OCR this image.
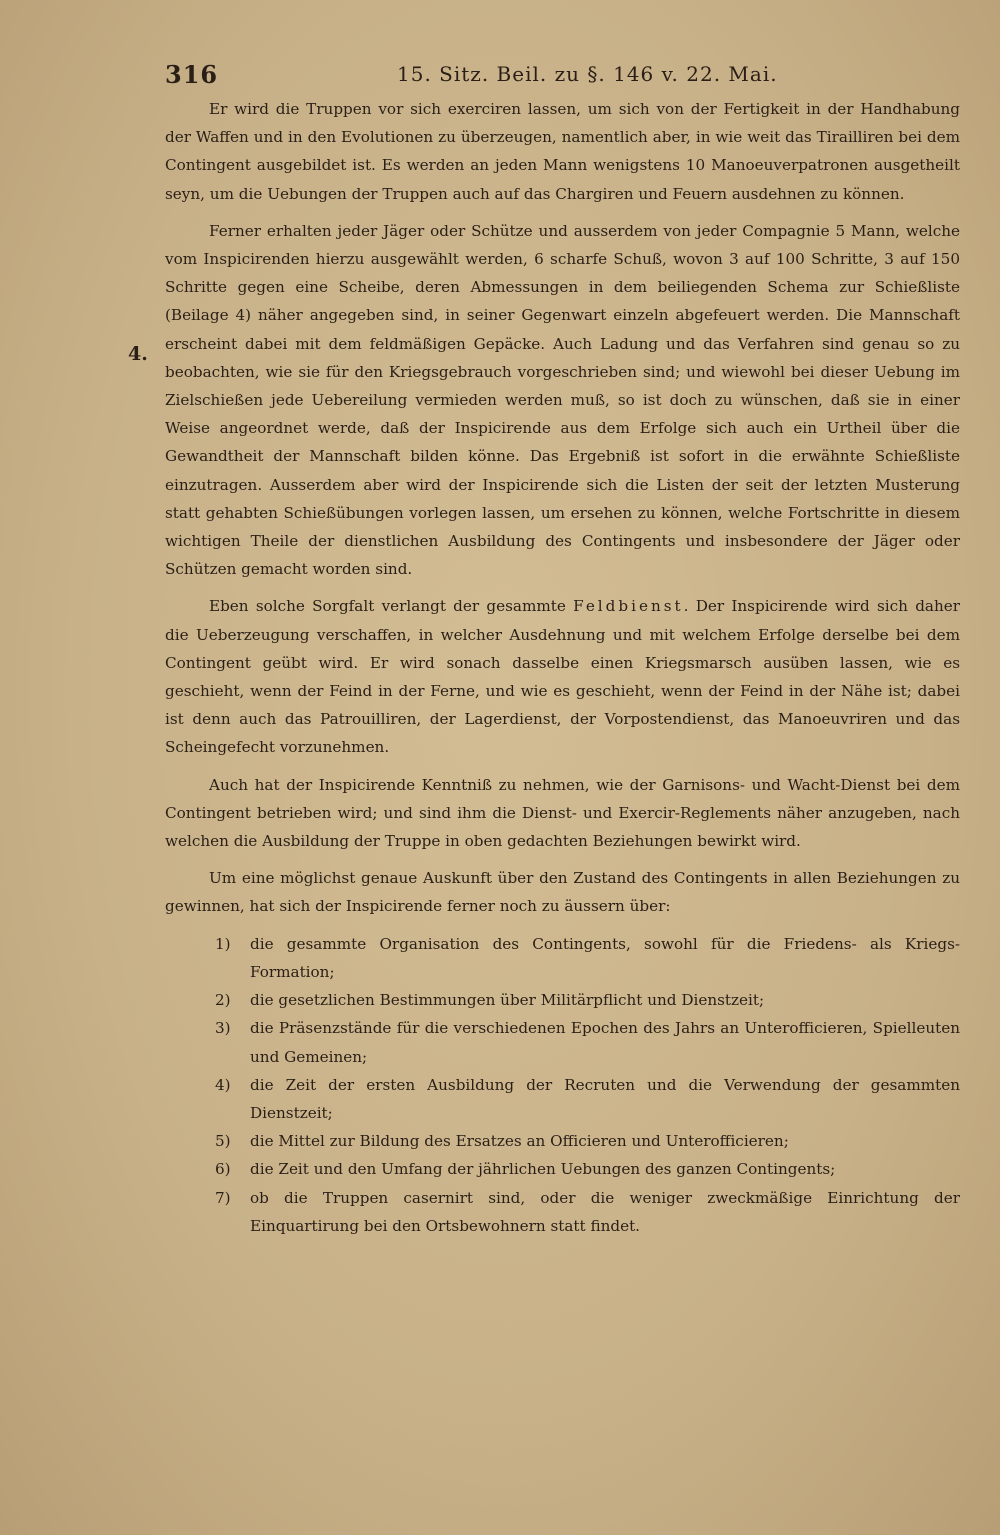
316	15. Sitz. Beil. zu §. 146 v. 22. Mai.
4.

Er wird die Truppen vor sich exerciren lassen, um sich von der Fertigkeit in der Handhabung der Waffen und in den Evolutionen zu überzeugen, namentlich aber, in wie weit das Tirailliren bei dem Contingent ausgebildet ist. Es werden an jeden Mann wenigstens 10 Manoeuverpatronen ausgetheilt seyn, um die Uebungen der Truppen auch auf das Chargiren und Feuern ausdehnen zu können.

Ferner erhalten jeder Jäger oder Schütze und ausserdem von jeder Compagnie 5 Mann, welche vom Inspicirenden hierzu ausgewählt werden, 6 scharfe Schuß, wovon 3 auf 100 Schritte, 3 auf 150 Schritte gegen eine Scheibe, deren Abmessungen in dem beiliegenden Schema zur Schießliste (Beilage 4) näher angegeben sind, in seiner Gegenwart einzeln abgefeuert werden. Die Mannschaft erscheint dabei mit dem feldmäßigen Gepäcke. Auch Ladung und das Verfahren sind genau so zu beobachten, wie sie für den Kriegsgebrauch vorgeschrieben sind; und wiewohl bei dieser Uebung im Zielschießen jede Uebereilung vermieden werden muß, so ist doch zu wünschen, daß sie in einer Weise angeordnet werde, daß der Inspicirende aus dem Erfolge sich auch ein Urtheil über die Gewandtheit der Mannschaft bilden könne. Das Ergebniß ist sofort in die erwähnte Schießliste einzutragen. Ausserdem aber wird der Inspicirende sich die Listen der seit der letzten Musterung statt gehabten Schießübungen vorlegen lassen, um ersehen zu können, welche Fortschritte in diesem wichtigen Theile der dienstlichen Ausbildung des Contingents und insbesondere der Jäger oder Schützen gemacht worden sind.

Eben solche Sorgfalt verlangt der gesammte Feldbienst. Der Inspicirende wird sich daher die Ueberzeugung verschaffen, in welcher Ausdehnung und mit welchem Erfolge derselbe bei dem Contingent geübt wird. Er wird sonach dasselbe einen Kriegsmarsch ausüben lassen, wie es geschieht, wenn der Feind in der Ferne, und wie es geschieht, wenn der Feind in der Nähe ist; dabei ist denn auch das Patrouilliren, der Lagerdienst, der Vorpostendienst, das Manoeuvriren und das Scheingefecht vorzunehmen.

Auch hat der Inspicirende Kenntniß zu nehmen, wie der Garnisons- und Wacht-Dienst bei dem Contingent betrieben wird; und sind ihm die Dienst- und Exercir-Reglements näher anzugeben, nach welchen die Ausbildung der Truppe in oben gedachten Beziehungen bewirkt wird.

Um eine möglichst genaue Auskunft über den Zustand des Contingents in allen Beziehungen zu gewinnen, hat sich der Inspicirende ferner noch zu äussern über:

1)	die gesammte Organisation des Contingents, sowohl für die Friedens- als Kriegs-Formation;
2)	die gesetzlichen Bestimmungen über Militärpflicht und Dienstzeit;
3)	die Präsenzstände für die verschiedenen Epochen des Jahrs an Unterofficieren, Spielleuten und Gemeinen;
4)	die Zeit der ersten Ausbildung der Recruten und die Verwendung der gesammten Dienstzeit;
5)	die Mittel zur Bildung des Ersatzes an Officieren und Unterofficieren;
6)	die Zeit und den Umfang der jährlichen Uebungen des ganzen Contingents;
7)	ob die Truppen casernirt sind, oder die weniger zweckmäßige Einrichtung der Einquartirung bei den Ortsbewohnern statt findet.
